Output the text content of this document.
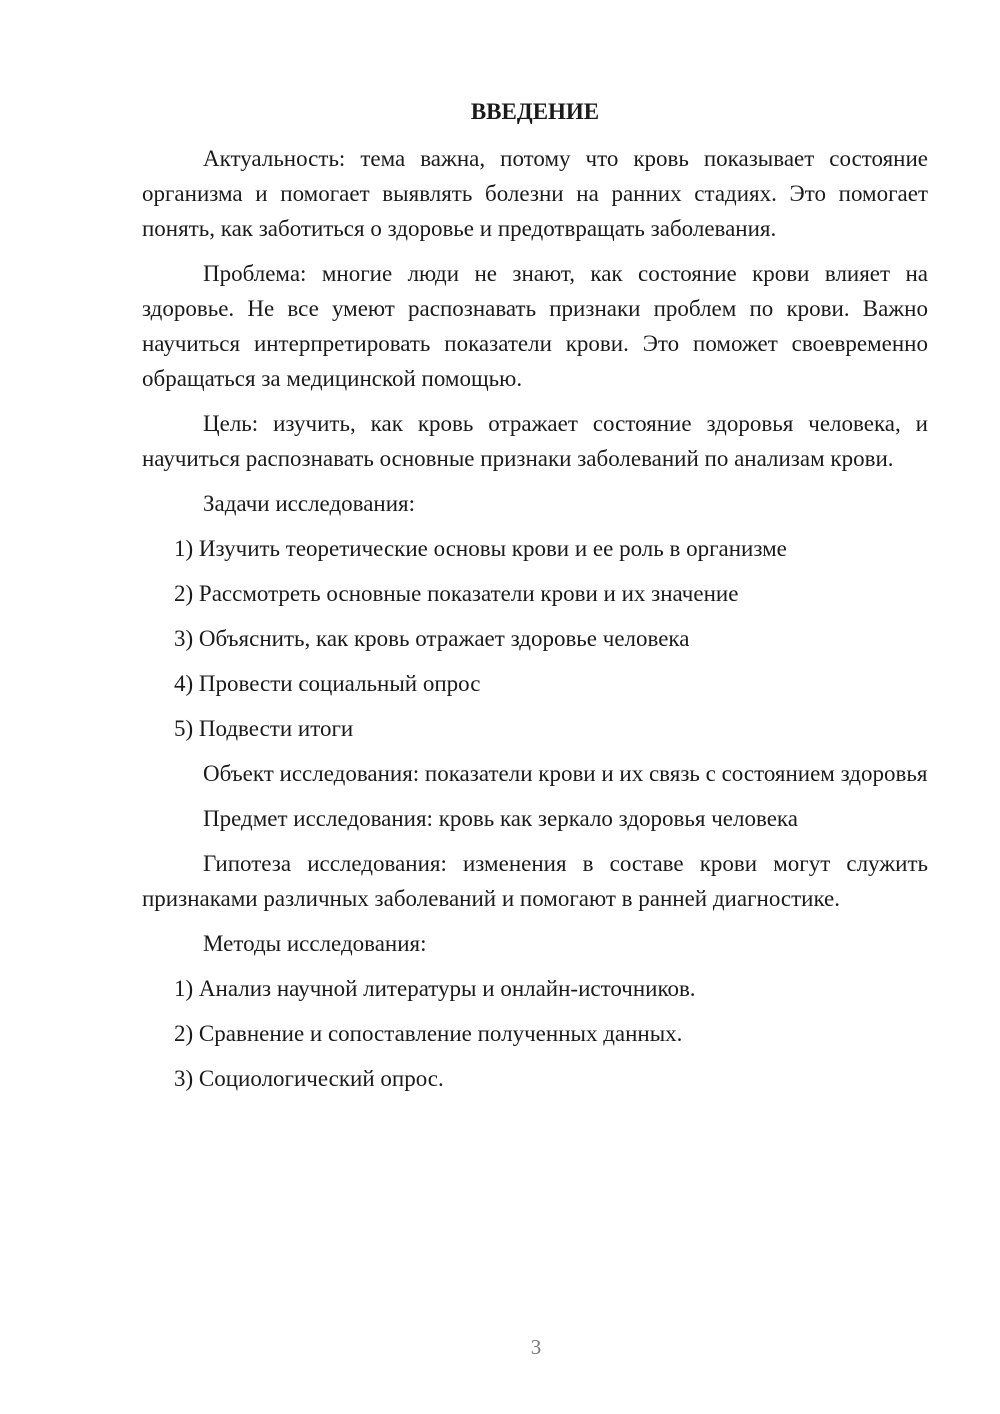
ВВЕДЕНИЕ

Актуальность: тема важна, потому что кровь показывает состояние организма и помогает выявлять болезни на ранних стадиях. Это помогает понять, как заботиться о здоровье и предотвращать заболевания.

Проблема: многие люди не знают, как состояние крови влияет на здоровье. Не все умеют распознавать признаки проблем по крови. Важно научиться интерпретировать показатели крови. Это поможет своевременно обращаться за медицинской помощью.

Цель: изучить, как кровь отражает состояние здоровья человека, и научиться распознавать основные признаки заболеваний по анализам крови.

Задачи исследования:

1) Изучить теоретические основы крови и ее роль в организме
2) Рассмотреть основные показатели крови и их значение
3) Объяснить, как кровь отражает здоровье человека
4) Провести социальный опрос
5) Подвести итоги

Объект исследования: показатели крови и их связь с состоянием здоровья

Предмет исследования: кровь как зеркало здоровья человека

Гипотеза исследования: изменения в составе крови могут служить признаками различных заболеваний и помогают в ранней диагностике.

Методы исследования:

1) Анализ научной литературы и онлайн-источников.
2) Сравнение и сопоставление полученных данных.
3) Социологический опрос.
3
